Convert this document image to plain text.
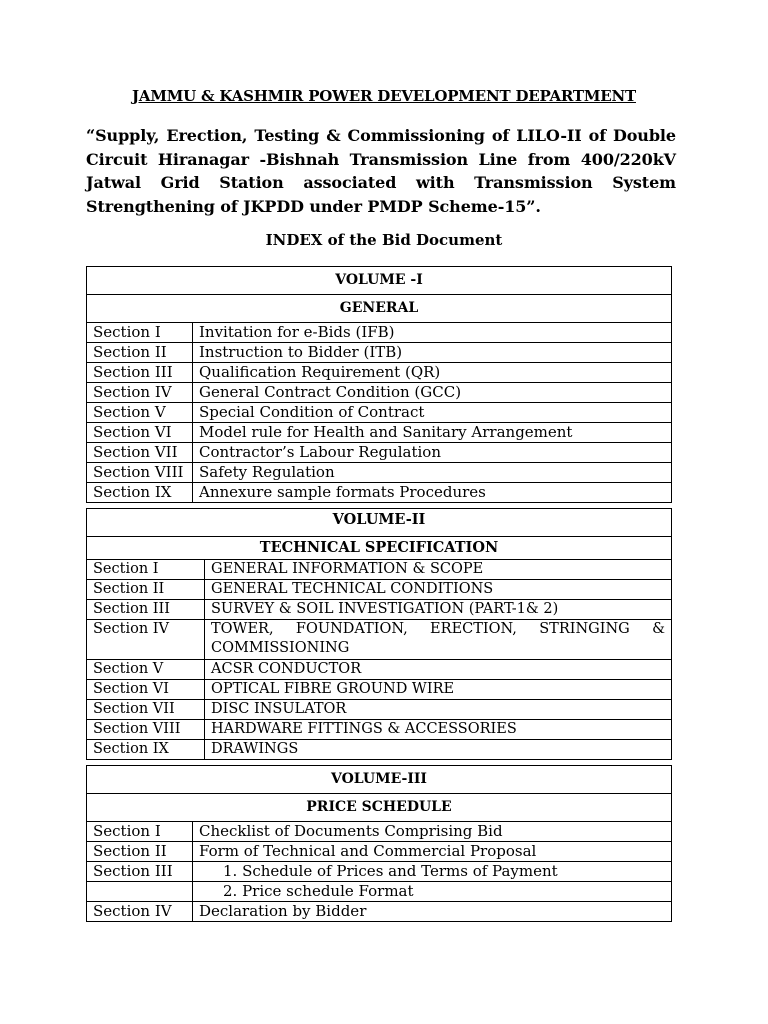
JAMMU & KASHMIR POWER DEVELOPMENT DEPARTMENT
“Supply, Erection, Testing & Commissioning of LILO-II of Double Circuit Hiranagar -Bishnah Transmission Line from 400/220kV Jatwal Grid Station associated with Transmission System Strengthening of JKPDD under PMDP Scheme-15”.
INDEX of the Bid Document
VOLUME -I	
GENERAL	
Section I	Invitation for e-Bids (IFB)
Section II	Instruction to Bidder (ITB)
Section III	Qualification Requirement (QR)
Section IV	General Contract Condition (GCC)
Section V	Special Condition of Contract
Section VI	Model rule for Health and Sanitary Arrangement
Section VII	Contractor’s Labour Regulation
Section VIII	Safety Regulation
Section IX	Annexure sample formats Procedures
VOLUME-II	
TECHNICAL SPECIFICATION	
Section I	GENERAL INFORMATION & SCOPE
Section II	GENERAL TECHNICAL CONDITIONS
Section III	SURVEY & SOIL INVESTIGATION (PART-1& 2)
Section IV	TOWER, FOUNDATION, ERECTION, STRINGING & COMMISSIONING
Section V	ACSR CONDUCTOR
Section VI	OPTICAL FIBRE GROUND WIRE
Section VII	DISC INSULATOR
Section VIII	HARDWARE FITTINGS & ACCESSORIES
Section IX	DRAWINGS
VOLUME-III	
PRICE SCHEDULE	
Section I	Checklist of Documents Comprising Bid
Section II	Form of Technical and Commercial Proposal
Section III	1. Schedule of Prices and Terms of Payment
	2. Price schedule Format
Section IV	Declaration by Bidder
